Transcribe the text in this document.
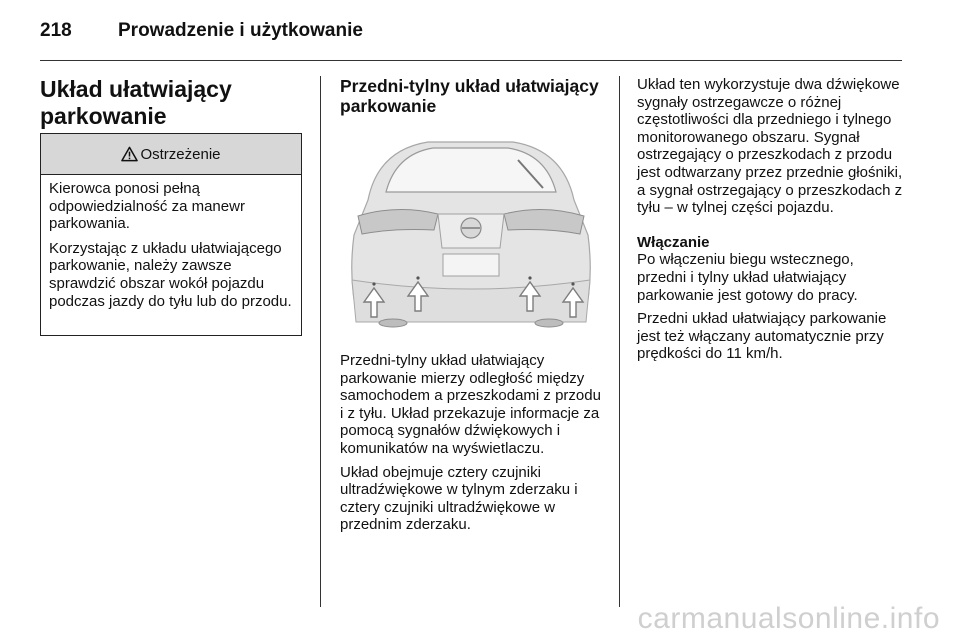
218 Prowadzenie i użytkowanie
Układ ułatwiający
parkowanie
Ostrzeżenie

Kierowca ponosi pełną odpowiedzialność za manewr parkowania.

Korzystając z układu ułatwiającego parkowanie, należy zawsze sprawdzić obszar wokół pojazdu podczas jazdy do tyłu lub do przodu.

Przedni-tylny układ ułatwiający
parkowanie

Przedni-tylny układ ułatwiający parkowanie mierzy odległość między samochodem a przeszkodami z przodu i z tyłu. Układ przekazuje informacje za pomocą sygnałów dźwiękowych i komunikatów na wyświetlaczu.

Układ obejmuje cztery czujniki ultradźwiękowe w tylnym zderzaku i cztery czujniki ultradźwiękowe w przednim zderzaku.

Układ ten wykorzystuje dwa dźwiękowe sygnały ostrzegawcze o różnej częstotliwości dla przedniego i tylnego monitorowanego obszaru. Sygnał ostrzegający o przeszkodach z przodu jest odtwarzany przez przednie głośniki, a sygnał ostrzegający o przeszkodach z tyłu – w tylnej części pojazdu.

Włączanie

Po włączeniu biegu wstecznego, przedni i tylny układ ułatwiający parkowanie jest gotowy do pracy.

Przedni układ ułatwiający parkowanie jest też włączany automatycznie przy prędkości do 11 km/h.

carmanualsonline.info
